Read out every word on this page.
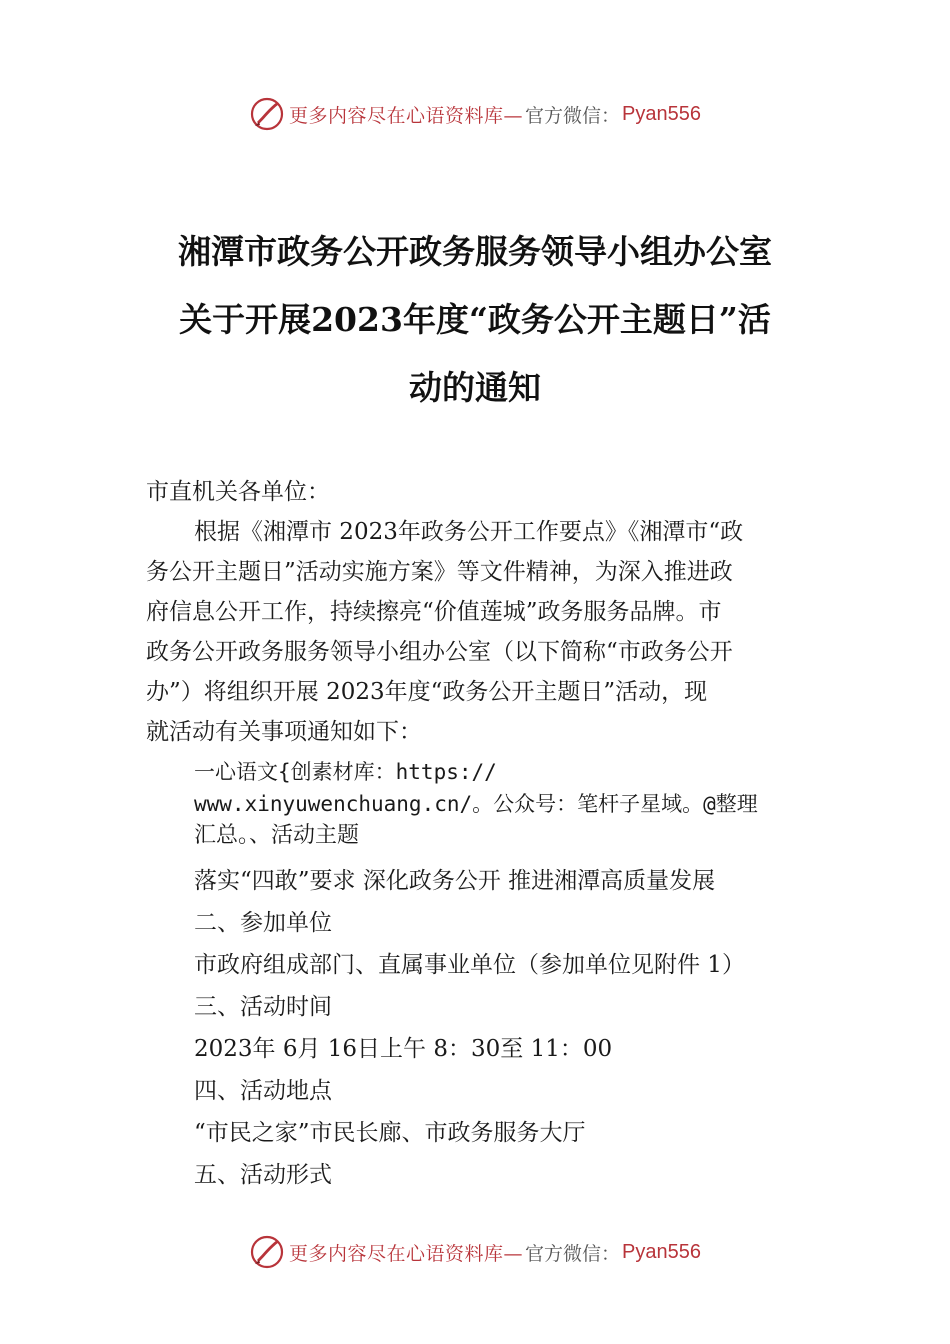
更多内容尽在心语资料库— 官方微信： Pyan556
湘潭市政务公开政务服务领导小组办公室
关于开展2023年度“政务公开主题日”活
动的通知
市直机关各单位：
根据《湘潭市 2023年政务公开工作要点》《湘潭市“政
务公开主题日”活动实施方案》等文件精神，为深入推进政
府信息公开工作，持续擦亮“价值莲城”政务服务品牌。市
政务公开政务服务领导小组办公室（以下简称“市政务公开
办”）将组织开展 2023年度“政务公开主题日”活动，现
就活动有关事项通知如下：
一心语文{创素材库：https://
www.xinyuwenchuang.cn/。公众号：笔杆子星域。@整理
汇总。、活动主题
落实“四敢”要求 深化政务公开 推进湘潭高质量发展
二、参加单位
市政府组成部门、直属事业单位（参加单位见附件 1）
三、活动时间
2023年 6月 16日上午 8：30至 11：00
四、活动地点
“市民之家”市民长廊、市政务服务大厅
五、活动形式
更多内容尽在心语资料库— 官方微信： Pyan556
